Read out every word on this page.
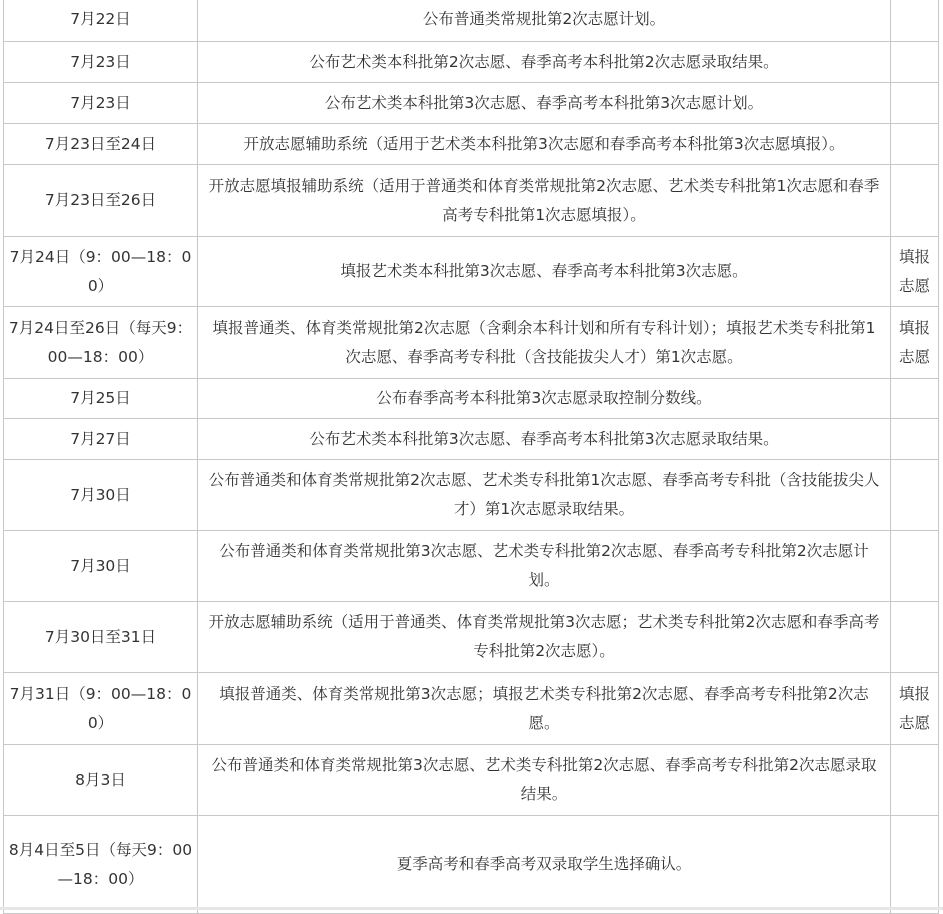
7月22日	公布普通类常规批第2次志愿计划。	
7月23日	公布艺术类本科批第2次志愿、春季高考本科批第2次志愿录取结果。	
7月23日	公布艺术类本科批第3次志愿、春季高考本科批第3次志愿计划。	
7月23日至24日	开放志愿辅助系统（适用于艺术类本科批第3次志愿和春季高考本科批第3次志愿填报）。	
7月23日至26日	开放志愿填报辅助系统（适用于普通类和体育类常规批第2次志愿、艺术类专科批第1次志愿和春季高考专科批第1次志愿填报）。	
7月24日（9：00—18：00）	填报艺术类本科批第3次志愿、春季高考本科批第3次志愿。	填报志愿
7月24日至26日（每天9：00—18：00）	填报普通类、体育类常规批第2次志愿（含剩余本科计划和所有专科计划）；填报艺术类专科批第1次志愿、春季高考专科批（含技能拔尖人才）第1次志愿。	填报志愿
7月25日	公布春季高考本科批第3次志愿录取控制分数线。	
7月27日	公布艺术类本科批第3次志愿、春季高考本科批第3次志愿录取结果。	
7月30日	公布普通类和体育类常规批第2次志愿、艺术类专科批第1次志愿、春季高考专科批（含技能拔尖人才）第1次志愿录取结果。	
7月30日	公布普通类和体育类常规批第3次志愿、艺术类专科批第2次志愿、春季高考专科批第2次志愿计划。	
7月30日至31日	开放志愿辅助系统（适用于普通类、体育类常规批第3次志愿；艺术类专科批第2次志愿和春季高考专科批第2次志愿）。	
7月31日（9：00—18：00）	填报普通类、体育类常规批第3次志愿；填报艺术类专科批第2次志愿、春季高考专科批第2次志愿。	填报志愿
8月3日	公布普通类和体育类常规批第3次志愿、艺术类专科批第2次志愿、春季高考专科批第2次志愿录取结果。	
8月4日至5日（每天9：00—18：00）	夏季高考和春季高考双录取学生选择确认。	
